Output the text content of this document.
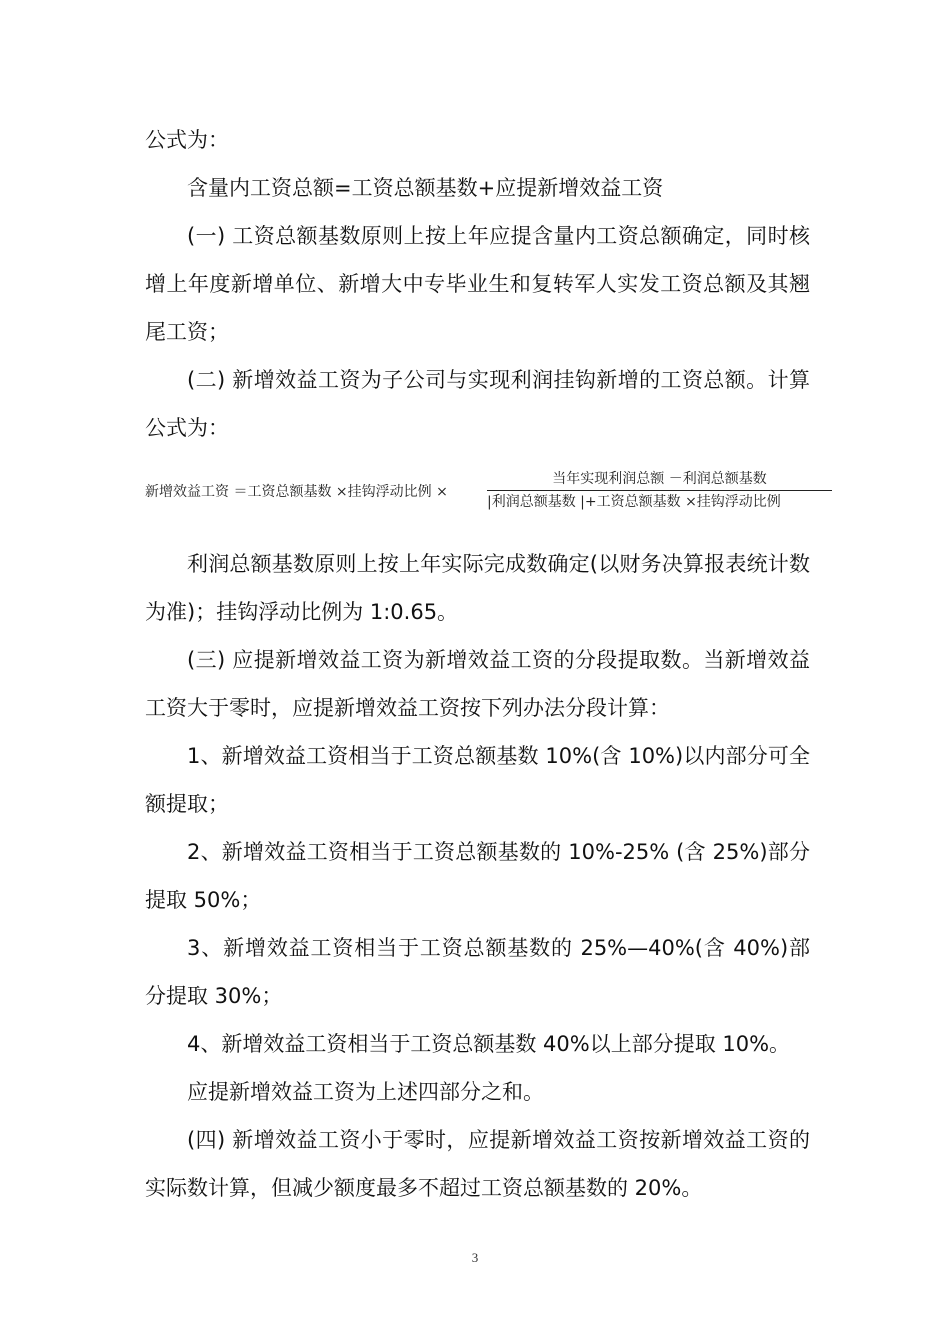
公式为：

含量内工资总额=工资总额基数+应提新增效益工资

(一) 工资总额基数原则上按上年应提含量内工资总额确定，同时核增上年度新增单位、新增大中专毕业生和复转军人实发工资总额及其翘尾工资；

(二) 新增效益工资为子公司与实现利润挂钩新增的工资总额。计算公式为：

新增效益工资 ＝工资总额基数 ×挂钩浮动比例 ×
当年实现利润总额 －利润总额基数
|利润总额基数 |+工资总额基数 ×挂钩浮动比例

利润总额基数原则上按上年实际完成数确定(以财务决算报表统计数为准)；挂钩浮动比例为 1:0.65。

(三) 应提新增效益工资为新增效益工资的分段提取数。当新增效益工资大于零时，应提新增效益工资按下列办法分段计算：

1、新增效益工资相当于工资总额基数 10%(含 10%)以内部分可全额提取；

2、新增效益工资相当于工资总额基数的 10%-25% (含 25%)部分提取 50%；

3、新增效益工资相当于工资总额基数的 25%—40%(含 40%)部分提取 30%；

4、新增效益工资相当于工资总额基数 40%以上部分提取 10%。

应提新增效益工资为上述四部分之和。

(四) 新增效益工资小于零时，应提新增效益工资按新增效益工资的实际数计算，但减少额度最多不超过工资总额基数的 20%。

3
